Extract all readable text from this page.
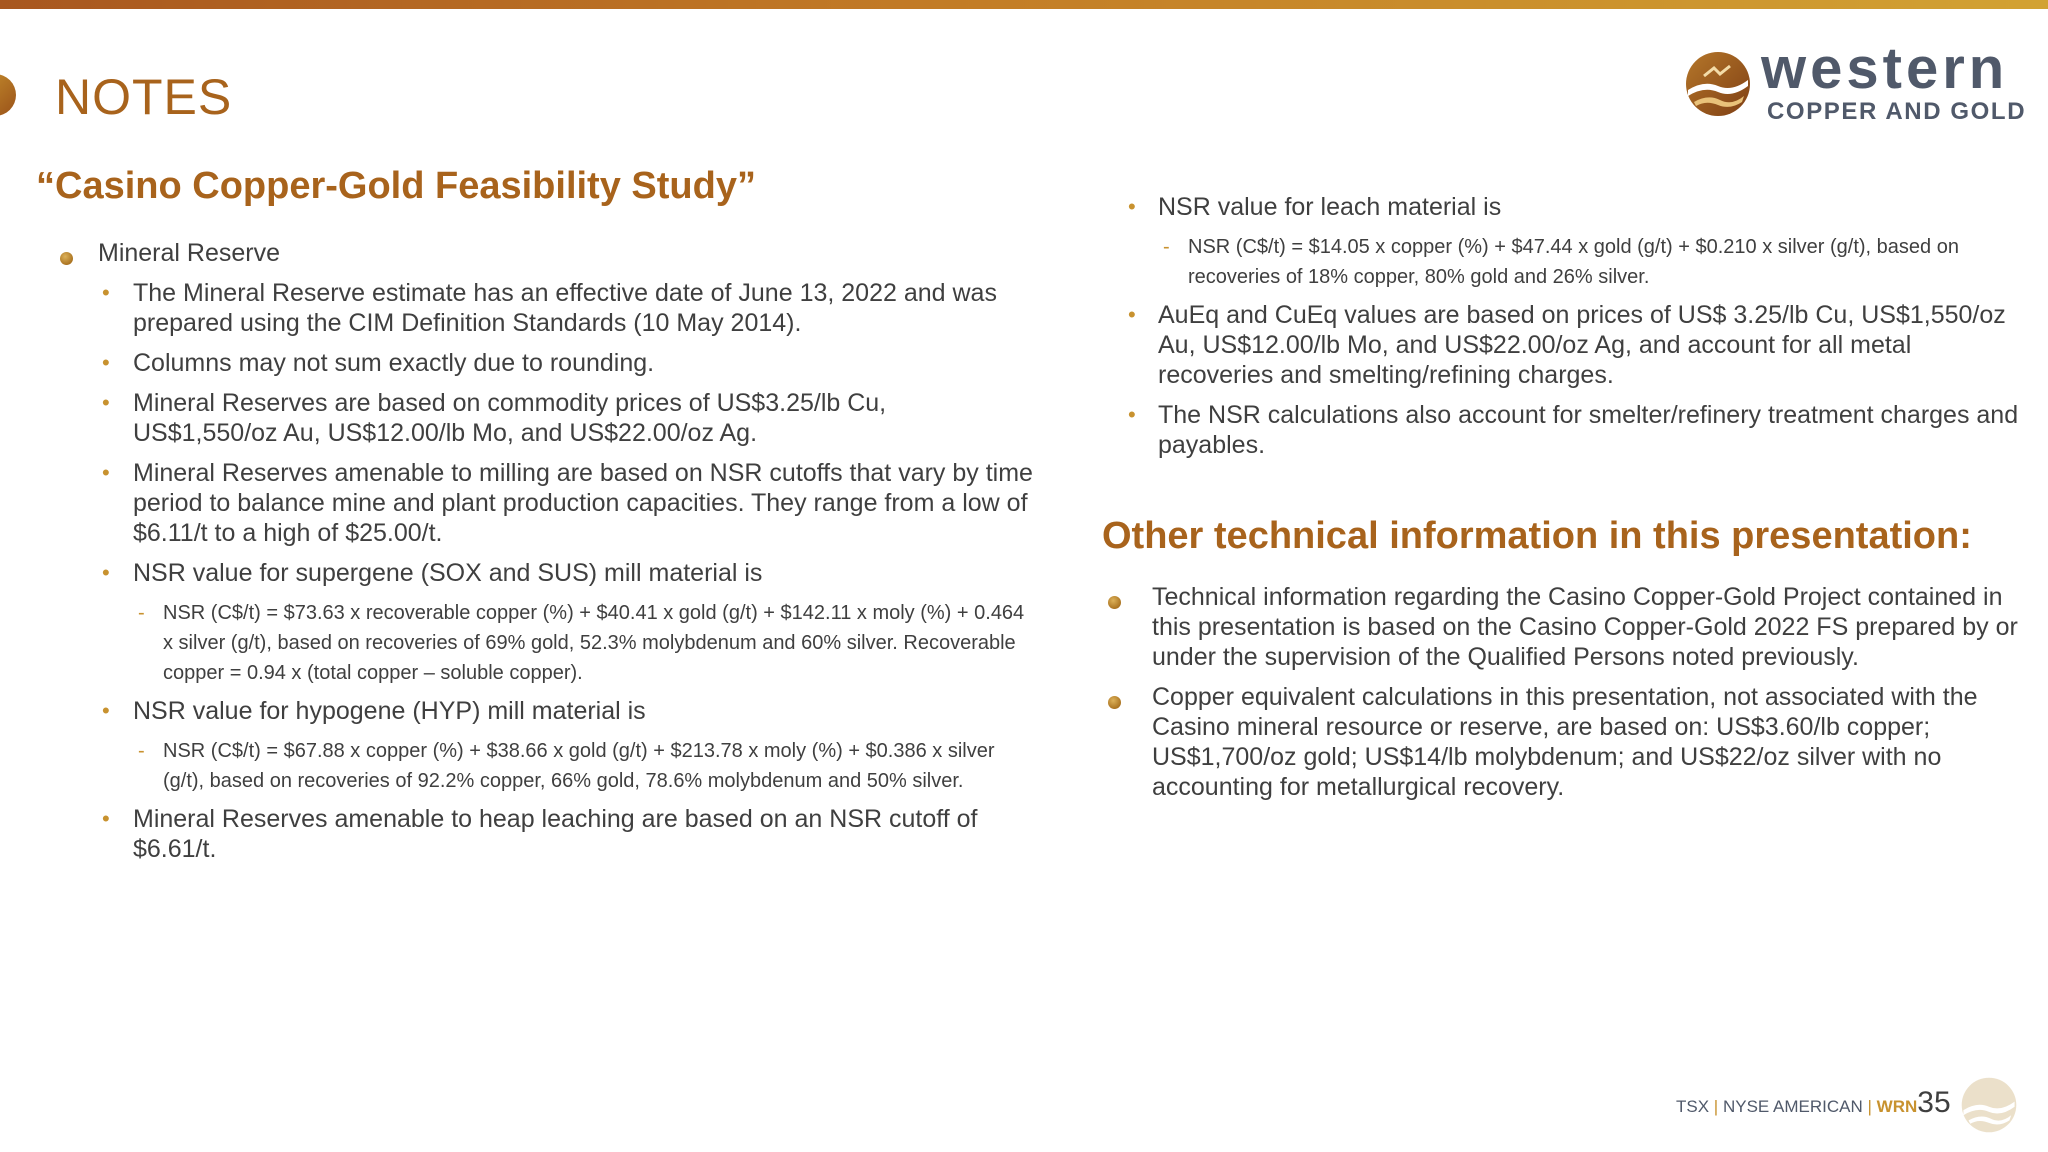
NOTES	western
COPPER AND GOLD
“Casino Copper-Gold Feasibility Study”
Mineral Reserve
• The Mineral Reserve estimate has an effective date of June 13, 2022 and was prepared using the CIM Definition Standards (10 May 2014).
• Columns may not sum exactly due to rounding.
• Mineral Reserves are based on commodity prices of US$3.25/lb Cu, US$1,550/oz Au, US$12.00/lb Mo, and US$22.00/oz Ag.
• Mineral Reserves amenable to milling are based on NSR cutoffs that vary by time period to balance mine and plant production capacities. They range from a low of $6.11/t to a high of $25.00/t.
• NSR value for supergene (SOX and SUS) mill material is
- NSR (C$/t) = $73.63 x recoverable copper (%) + $40.41 x gold (g/t) + $142.11 x moly (%) + 0.464 x silver (g/t), based on recoveries of 69% gold, 52.3% molybdenum and 60% silver. Recoverable copper = 0.94 x (total copper – soluble copper).
• NSR value for hypogene (HYP) mill material is
- NSR (C$/t) = $67.88 x copper (%) + $38.66 x gold (g/t) + $213.78 x moly (%) + $0.386 x silver (g/t), based on recoveries of 92.2% copper, 66% gold, 78.6% molybdenum and 50% silver.
• Mineral Reserves amenable to heap leaching are based on an NSR cutoff of $6.61/t.
• NSR value for leach material is
- NSR (C$/t) = $14.05 x copper (%) + $47.44 x gold (g/t) + $0.210 x silver (g/t), based on recoveries of 18% copper, 80% gold and 26% silver.
• AuEq and CuEq values are based on prices of US$ 3.25/lb Cu, US$1,550/oz Au, US$12.00/lb Mo, and US$22.00/oz Ag, and account for all metal recoveries and smelting/refining charges.
• The NSR calculations also account for smelter/refinery treatment charges and payables.
Other technical information in this presentation:
Technical information regarding the Casino Copper-Gold Project contained in this presentation is based on the Casino Copper-Gold 2022 FS prepared by or under the supervision of the Qualified Persons noted previously.
Copper equivalent calculations in this presentation, not associated with the Casino mineral resource or reserve, are based on: US$3.60/lb copper; US$1,700/oz gold; US$14/lb molybdenum; and US$22/oz silver with no accounting for metallurgical recovery.
TSX | NYSE AMERICAN | WRN35
